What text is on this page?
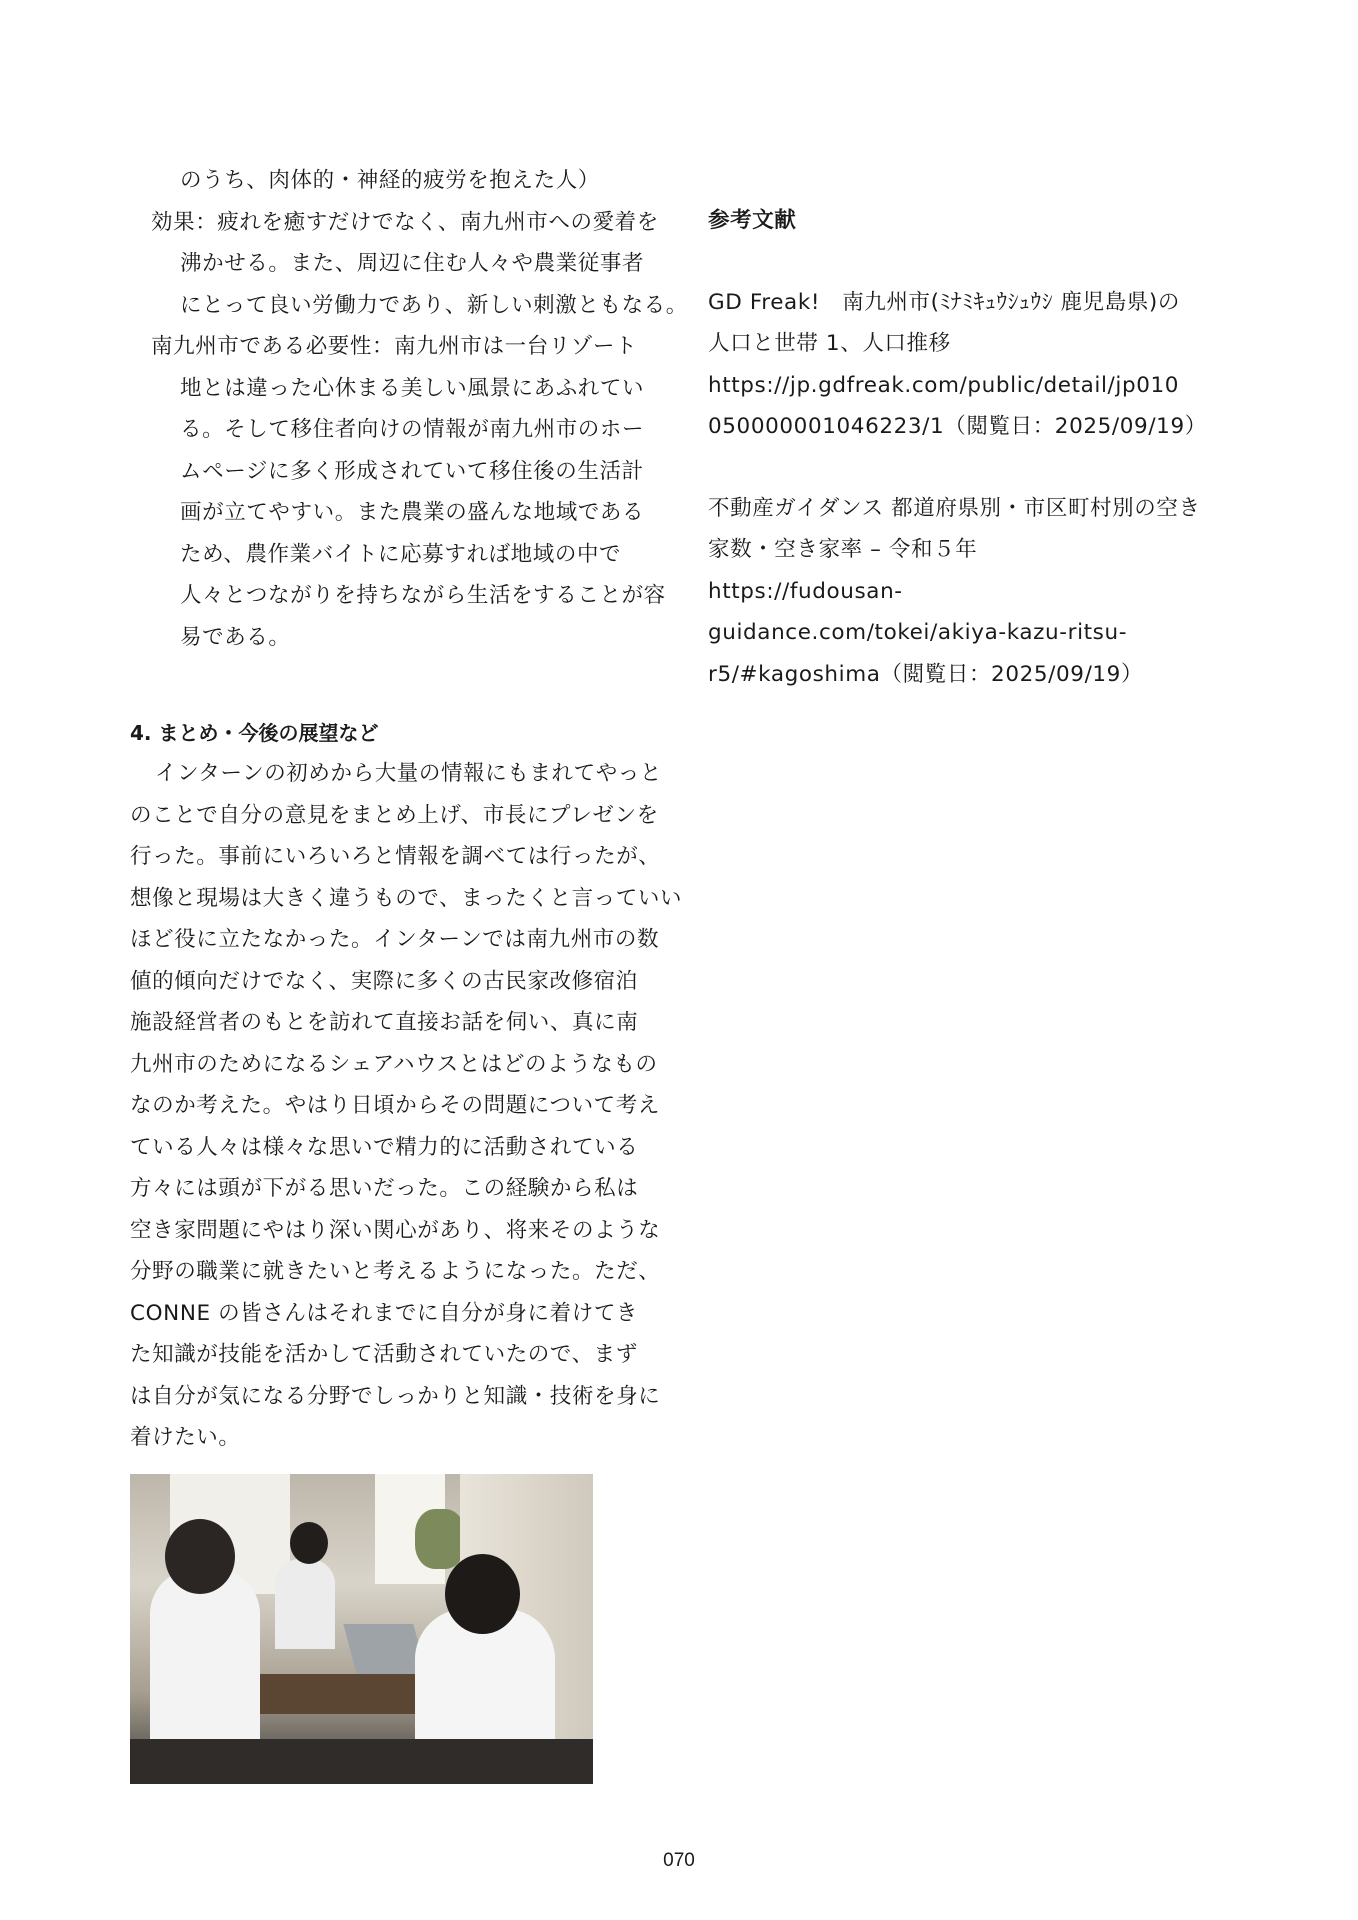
のうち、肉体的・神経的疲労を抱えた人）
効果：疲れを癒すだけでなく、南九州市への愛着を
沸かせる。また、周辺に住む人々や農業従事者
にとって良い労働力であり、新しい刺激ともなる。
南九州市である必要性：南九州市は一台リゾート
地とは違った心休まる美しい風景にあふれてい
る。そして移住者向けの情報が南九州市のホー
ムページに多く形成されていて移住後の生活計
画が立てやすい。また農業の盛んな地域である
ため、農作業バイトに応募すれば地域の中で
人々とつながりを持ちながら生活をすることが容
易である。
4. まとめ・今後の展望など
インターンの初めから大量の情報にもまれてやっと
のことで自分の意見をまとめ上げ、市長にプレゼンを
行った。事前にいろいろと情報を調べては行ったが、
想像と現場は大きく違うもので、まったくと言っていい
ほど役に立たなかった。インターンでは南九州市の数
値的傾向だけでなく、実際に多くの古民家改修宿泊
施設経営者のもとを訪れて直接お話を伺い、真に南
九州市のためになるシェアハウスとはどのようなもの
なのか考えた。やはり日頃からその問題について考え
ている人々は様々な思いで精力的に活動されている
方々には頭が下がる思いだった。この経験から私は
空き家問題にやはり深い関心があり、将来そのような
分野の職業に就きたいと考えるようになった。ただ、
CONNE の皆さんはそれまでに自分が身に着けてき
た知識が技能を活かして活動されていたので、まず
は自分が気になる分野でしっかりと知識・技術を身に
着けたい。
参考文献
GD Freak!　南九州市(ﾐﾅﾐｷｭｳｼｭｳｼ 鹿児島県)の
人口と世帯 1、人口推移
https://jp.gdfreak.com/public/detail/jp010
050000001046223/1（閲覧日：2025/09/19）
不動産ガイダンス 都道府県別・市区町村別の空き
家数・空き家率 – 令和５年
https://fudousan-
guidance.com/tokei/akiya-kazu-ritsu-
r5/#kagoshima（閲覧日：2025/09/19）
070
